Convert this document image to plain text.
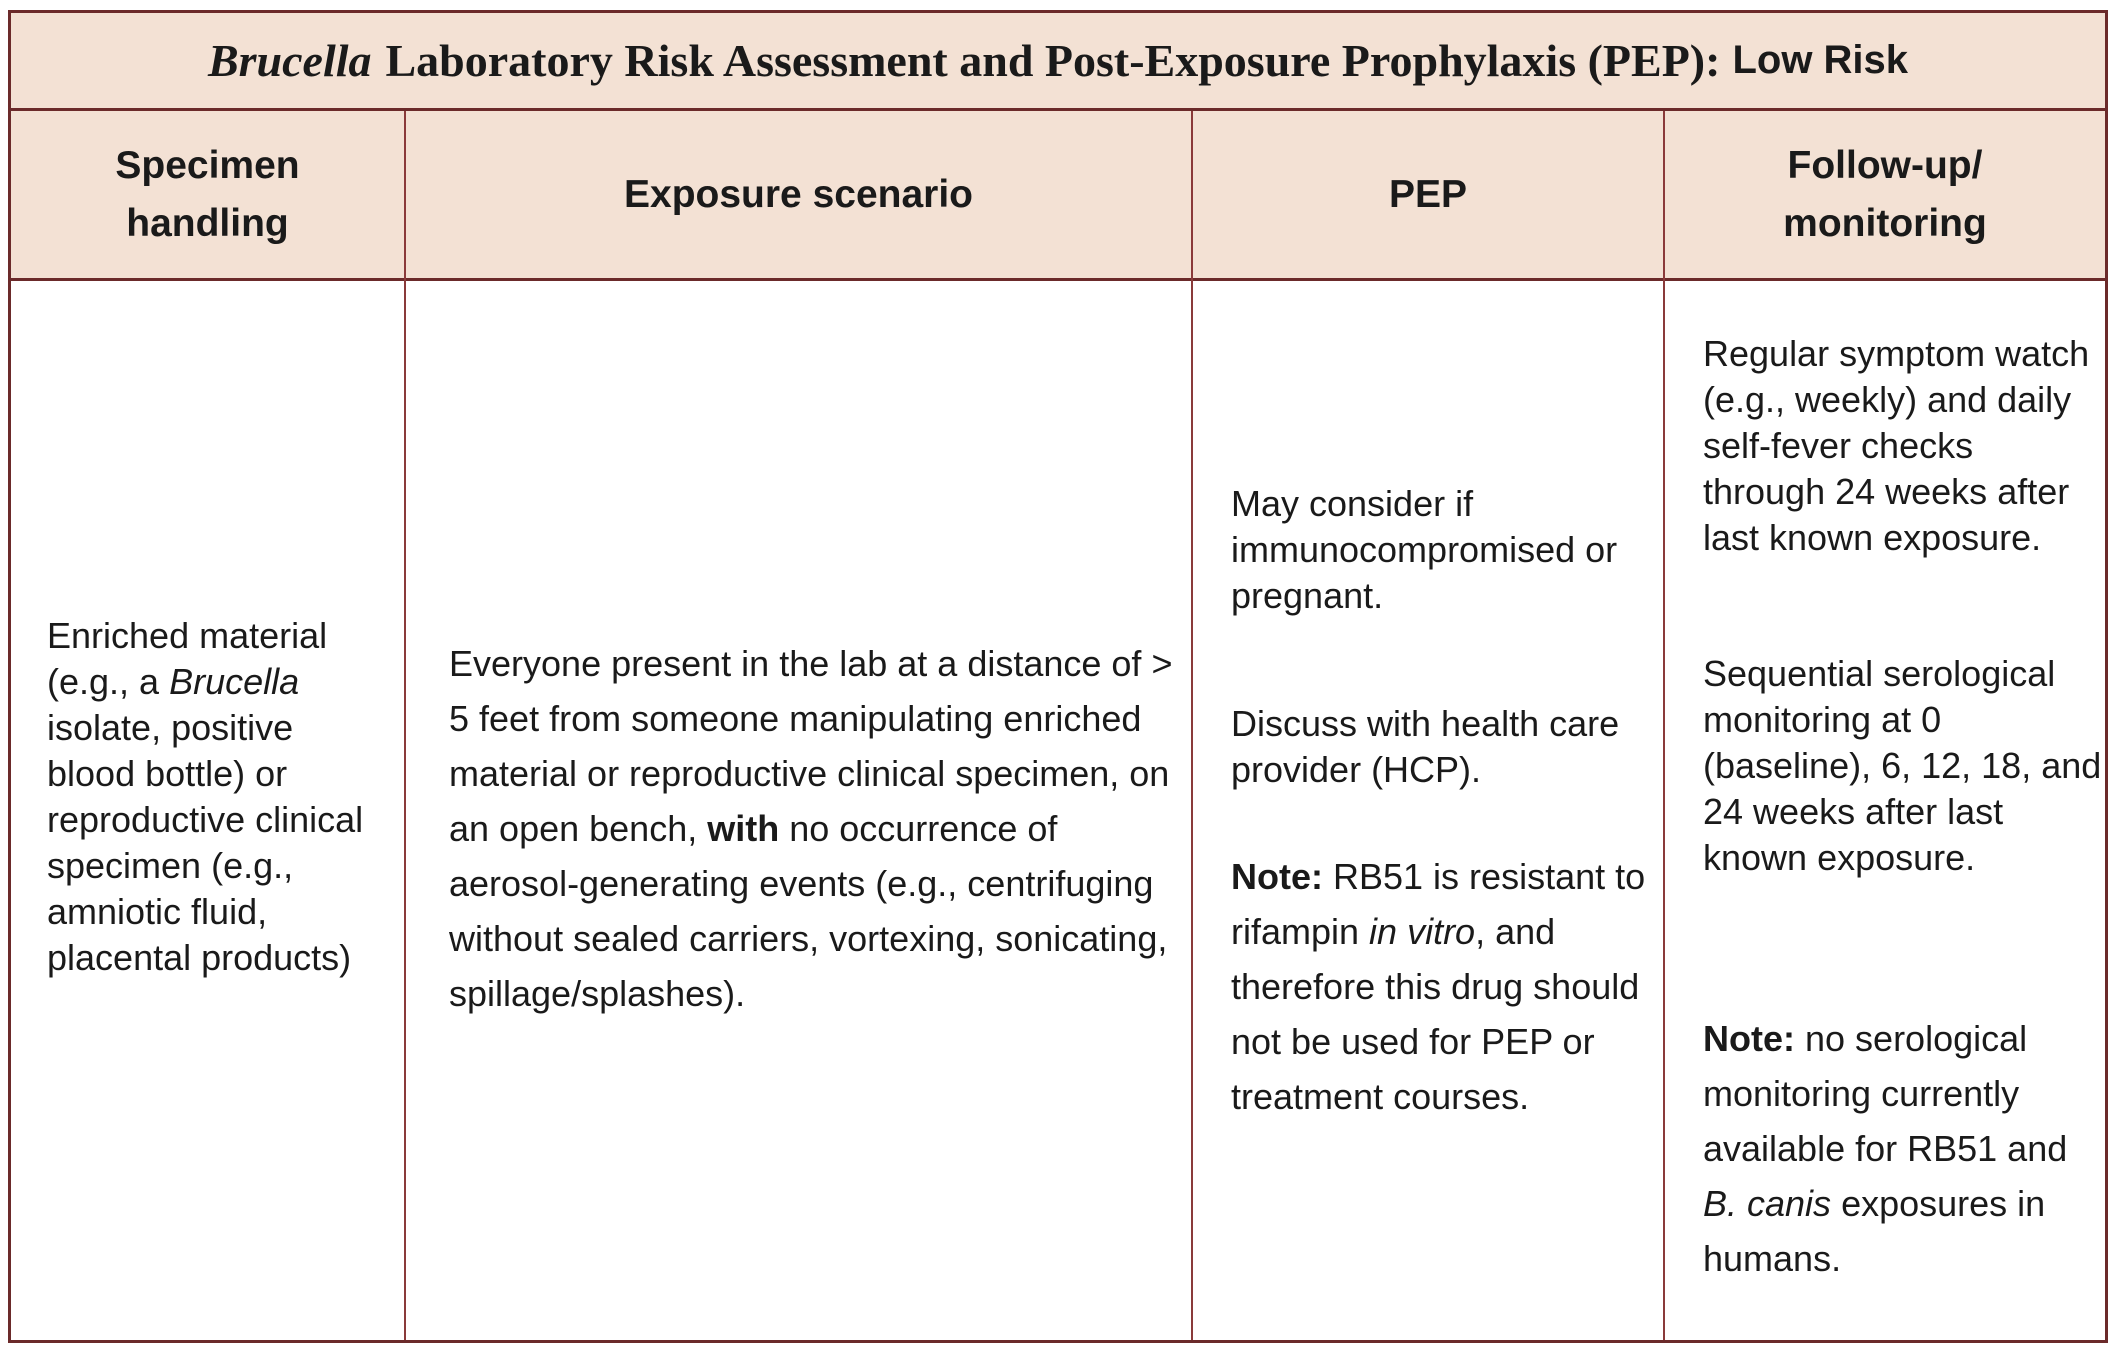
Brucella Laboratory Risk Assessment and Post-Exposure Prophylaxis (PEP): Low Risk
Specimen handling
Exposure scenario	PEP
Follow-up/ monitoring
Enriched material (e.g., a Brucella isolate, positive blood bottle) or reproductive clinical specimen (e.g., amniotic fluid, placental products)
Everyone present in the lab at a distance of > 5 feet from someone manipulating enriched material or reproductive clinical specimen, on an open bench, with no occurrence of aerosol-generating events (e.g., centrifuging without sealed carriers, vortexing, sonicating, spillage/splashes).
May consider if immunocompromised or pregnant.
Discuss with health care provider (HCP).
Note: RB51 is resistant to rifampin in vitro, and therefore this drug should not be used for PEP or treatment courses.
Regular symptom watch (e.g., weekly) and daily self-fever checks through 24 weeks after last known exposure.
Sequential serological monitoring at 0 (baseline), 6, 12, 18, and 24 weeks after last known exposure.
Note: no serological monitoring currently available for RB51 and B. canis exposures in humans.
